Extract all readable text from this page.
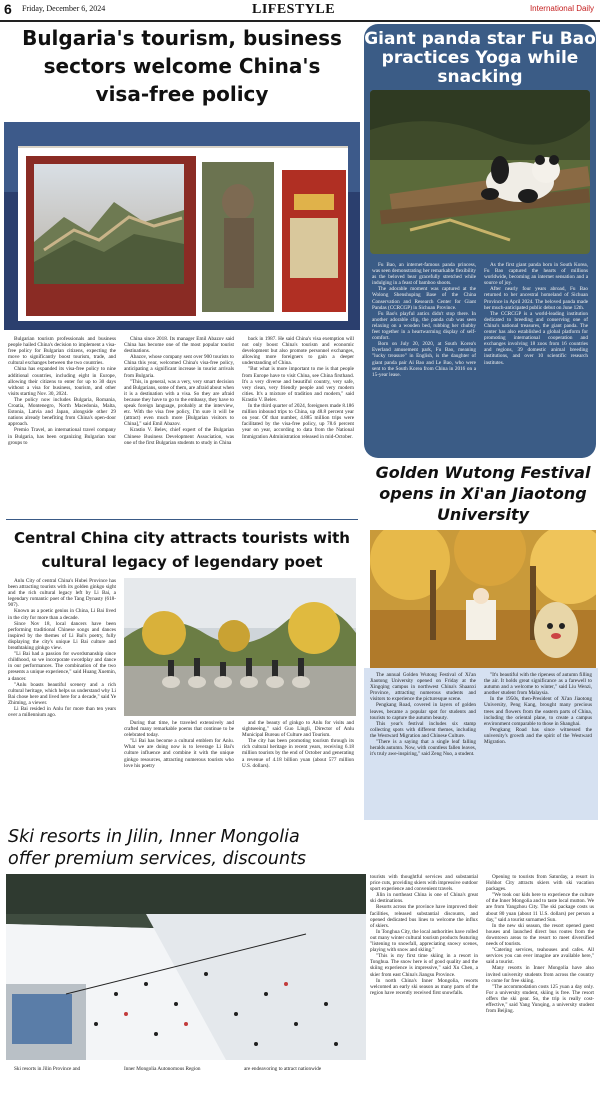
6 Friday, December 6, 2024	LIFESTYLE	International Daily
Bulgaria's tourism, business
sectors welcome China's
visa-free policy

Bulgarian tourism professionals and business people hailed China's decision to implement a visa-free policy for Bulgarian citizens, expecting the move to significantly boost tourism, trade, and cultural exchanges between the two countries.

China has expanded its visa-free policy to nine additional countries, including eight in Europe, allowing their citizens to enter for up to 30 days without a visa for business, tourism, and other visits starting Nov. 30, 2024.

The policy now includes Bulgaria, Romania, Croatia, Montenegro, North Macedonia, Malta, Estonia, Latvia and Japan, alongside other 29 nations already benefiting from China's open-door approach.

Premio Travel, an international travel company in Bulgaria, has been organizing Bulgarian tour groups to

China since 2018. Its manager Emil Abazov said China has become one of the most popular tourist destinations.

Abazov, whose company sent over 900 tourists to China this year, welcomed China's visa-free policy, anticipating a significant increase in tourist arrivals from Bulgaria.

"This, in general, was a very, very smart decision and Bulgarians, some of them, are afraid about when it is a destination with a visa. So they are afraid because they have to go to the embassy, they have to speak foreign language, probably at the interview, etc. With the visa free policy, I'm sure it will be (attract) even much more [Bulgarian visitors to China]," said Emil Abazov.

Krastio V. Belev, chief expert of the Bulgarian Chinese Business Development Association, was one of the first Bulgarian students to study in China

back in 1987. He said China's visa exemption will not only boost China's tourism and economic development but also promote personnel exchanges, allowing more foreigners to gain a deeper understanding of China.

"But what is more important to me is that people from Europe have to visit China, see China firsthand. It's a very diverse and beautiful country, very safe, very clean, very friendly people and very modern cities. It's a mixture of tradition and modern," said Krastio V. Belev.

In the third quarter of 2024, foreigners made 8.186 million inbound trips to China, up 48.8 percent year on year. Of that number, 4.885 million trips were facilitated by the visa-free policy, up 78.6 percent year on year, according to data from the National Immigration Administration released in mid-October.

Giant panda star Fu Bao
practices Yoga while
snacking

Fu Bao, an internet-famous panda princess, was seen demonstrating her remarkable flexibility as the beloved bear gracefully stretched while indulging in a feast of bamboo shoots.

The adorable moment was captured at the Wolong Shenshuping Base of the China Conservation and Research Center for Giant Pandas (CCRCGP) in Sichuan Province.

Fu Bao's playful antics didn't stop there. In another adorable clip, the panda cub was seen relaxing on a wooden bed, rubbing her chubby feet together in a heartwarming display of self-comfort.

Born on July 20, 2020, at South Korea's Everland amusement park, Fu Bao, meaning "lucky treasure" in English, is the daughter of giant panda pair Ai Bao and Le Bao, who were sent to the South Korea from China in 2016 on a 15-year lease.

As the first giant panda born in South Korea, Fu Bao captured the hearts of millions worldwide, becoming an internet sensation and a source of joy.

After nearly four years abroad, Fu Bao returned to her ancestral homeland of Sichuan Province in April 2024. The beloved panda made her much-anticipated public debut on June 12th.

The CCRCGP is a world-leading institution dedicated to breeding and conserving one of China's national treasures, the giant panda. The center has also established a global platform for promoting international cooperation and exchanges involving 18 zoos from 16 countries and regions, 39 domestic animal breeding institutions, and over 10 scientific research institutes.

Central China city attracts tourists with
cultural legacy of legendary poet

Anlu City of central China's Hubei Province has been attracting tourists with its golden ginkgo sight and the rich cultural legacy left by Li Bai, a legendary romantic poet of the Tang Dynasty (618-907).

Known as a poetic genius in China, Li Bai lived in the city for more than a decade.

Since Nov 18, local dancers have been performing traditional Chinese songs and dances inspired by the themes of Li Bai's poetry, fully displaying the city's unique Li Bai culture and breathtaking ginkgo view.

"Li Bai had a passion for swordsmanship since childhood, so we incorporate swordplay and dance in our performances. The combination of the two presents a unique experience," said Huang Xuemin, a dancer.

"Anlu boasts beautiful scenery and a rich cultural heritage, which helps us understand why Li Bai chose here and lived here for a decade," said Ye Zhiming, a viewer.

Li Bai resided in Anlu for more than ten years over a millennium ago.

During that time, he traveled extensively and crafted many remarkable poems that continue to be celebrated today.

"Li Bai has become a cultural emblem for Anlu. What we are doing now is to leverage Li Bai's culture influence and combine it with the unique ginkgo resources, attracting numerous tourists who love his poetry

and the beauty of ginkgo to Anlu for visits and sightseeing," said Guo Lingli, Director of Anlu Municipal Bureau of Culture and Tourism.

The city has been promoting tourism through its rich cultural heritage in recent years, receiving 6.18 million tourists by the end of October and generating a revenue of 4.18 billion yuan (about 577 million U.S. dollars).

Golden Wutong Festival
opens in Xi'an Jiaotong
University

The annual Golden Wutong Festival of Xi'an Jiaotong University opened on Friday at the Xingqing campus in northwest China's Shaanxi Province, attracting numerous students and visitors to experience the picturesque scene.

Pengkang Road, covered in layers of golden leaves, became a popular spot for students and tourists to capture the autumn beauty.

This year's festival includes six stamp collecting spots with different themes, including the Westward Migration and Chinese Culture.

"There is a saying that a single leaf falling heralds autumn. Now, with countless fallen leaves, it's truly awe-inspiring," said Zeng Nuo, a student.

"It's beautiful with the ripeness of autumn filling the air. It holds great significance as a farewell to autumn and a welcome to winter," said Liu Wenzi, another student from Malaysia.

In the 1950s, then-President of Xi'an Jiaotong University, Peng Kang, brought many precious trees and flowers from the eastern parts of China, including the oriental plane, to create a campus environment comparable to those in Shanghai.

Pengkang Road has since witnessed the university's growth and the spirit of the Westward Migration.

Ski resorts in Jilin, Inner Mongolia
offer premium services, discounts

Ski resorts in Jilin Province and	Inner Mongolia Autonomous Region	are endeavoring to attract nationwide

tourists with thoughtful services and substantial price cuts, providing skiers with impressive outdoor sport experience and convenient travels.

Jilin in northeast China is one of China's great ski destinations.

Resorts across the province have improved their facilities, released substantial discounts, and opened dedicated bus lines to welcome the influx of skiers.

In Tonghua City, the local authorities have rolled out many winter cultural tourism products featuring "listening to snowfall, appreciating snowy scenes, playing with snow and skiing."

"This is my first time skiing in a resort in Tonghua. The snow here is of good quality and the skiing experience is impressive," said Xu Chen, a skier from east China's Jiangsu Province.

In north China's Inner Mongolia, resorts welcomed an early ski season as many parts of the region have recently received first snowfalls.

Opening to tourists from Saturday, a resort in Hohhot City attracts skiers with ski vacation packages.

"We took our kids here to experience the culture of the Inner Mongolia and to taste local mutton. We are from Yangzhou City. The ski package costs us about 80 yuan (about 11 U.S. dollars) per person a day," said a tourist surnamed Sun.

In the new ski season, the resort opened guest houses and launched direct bus routes from the downtown areas to the resort to meet diversified needs of tourists.

"Catering services, teahouses and cafes. All services you can ever imagine are available here," said a tourist.

Many resorts in Inner Mongolia have also invited university students from across the country to come for free skiing.

"The accommodation costs 125 yuan a day only. For a university student, skiing is free. The resort offers the ski gear. So, the trip is really cost-effective," said Yang Yunqing, a university student from Beijing.
